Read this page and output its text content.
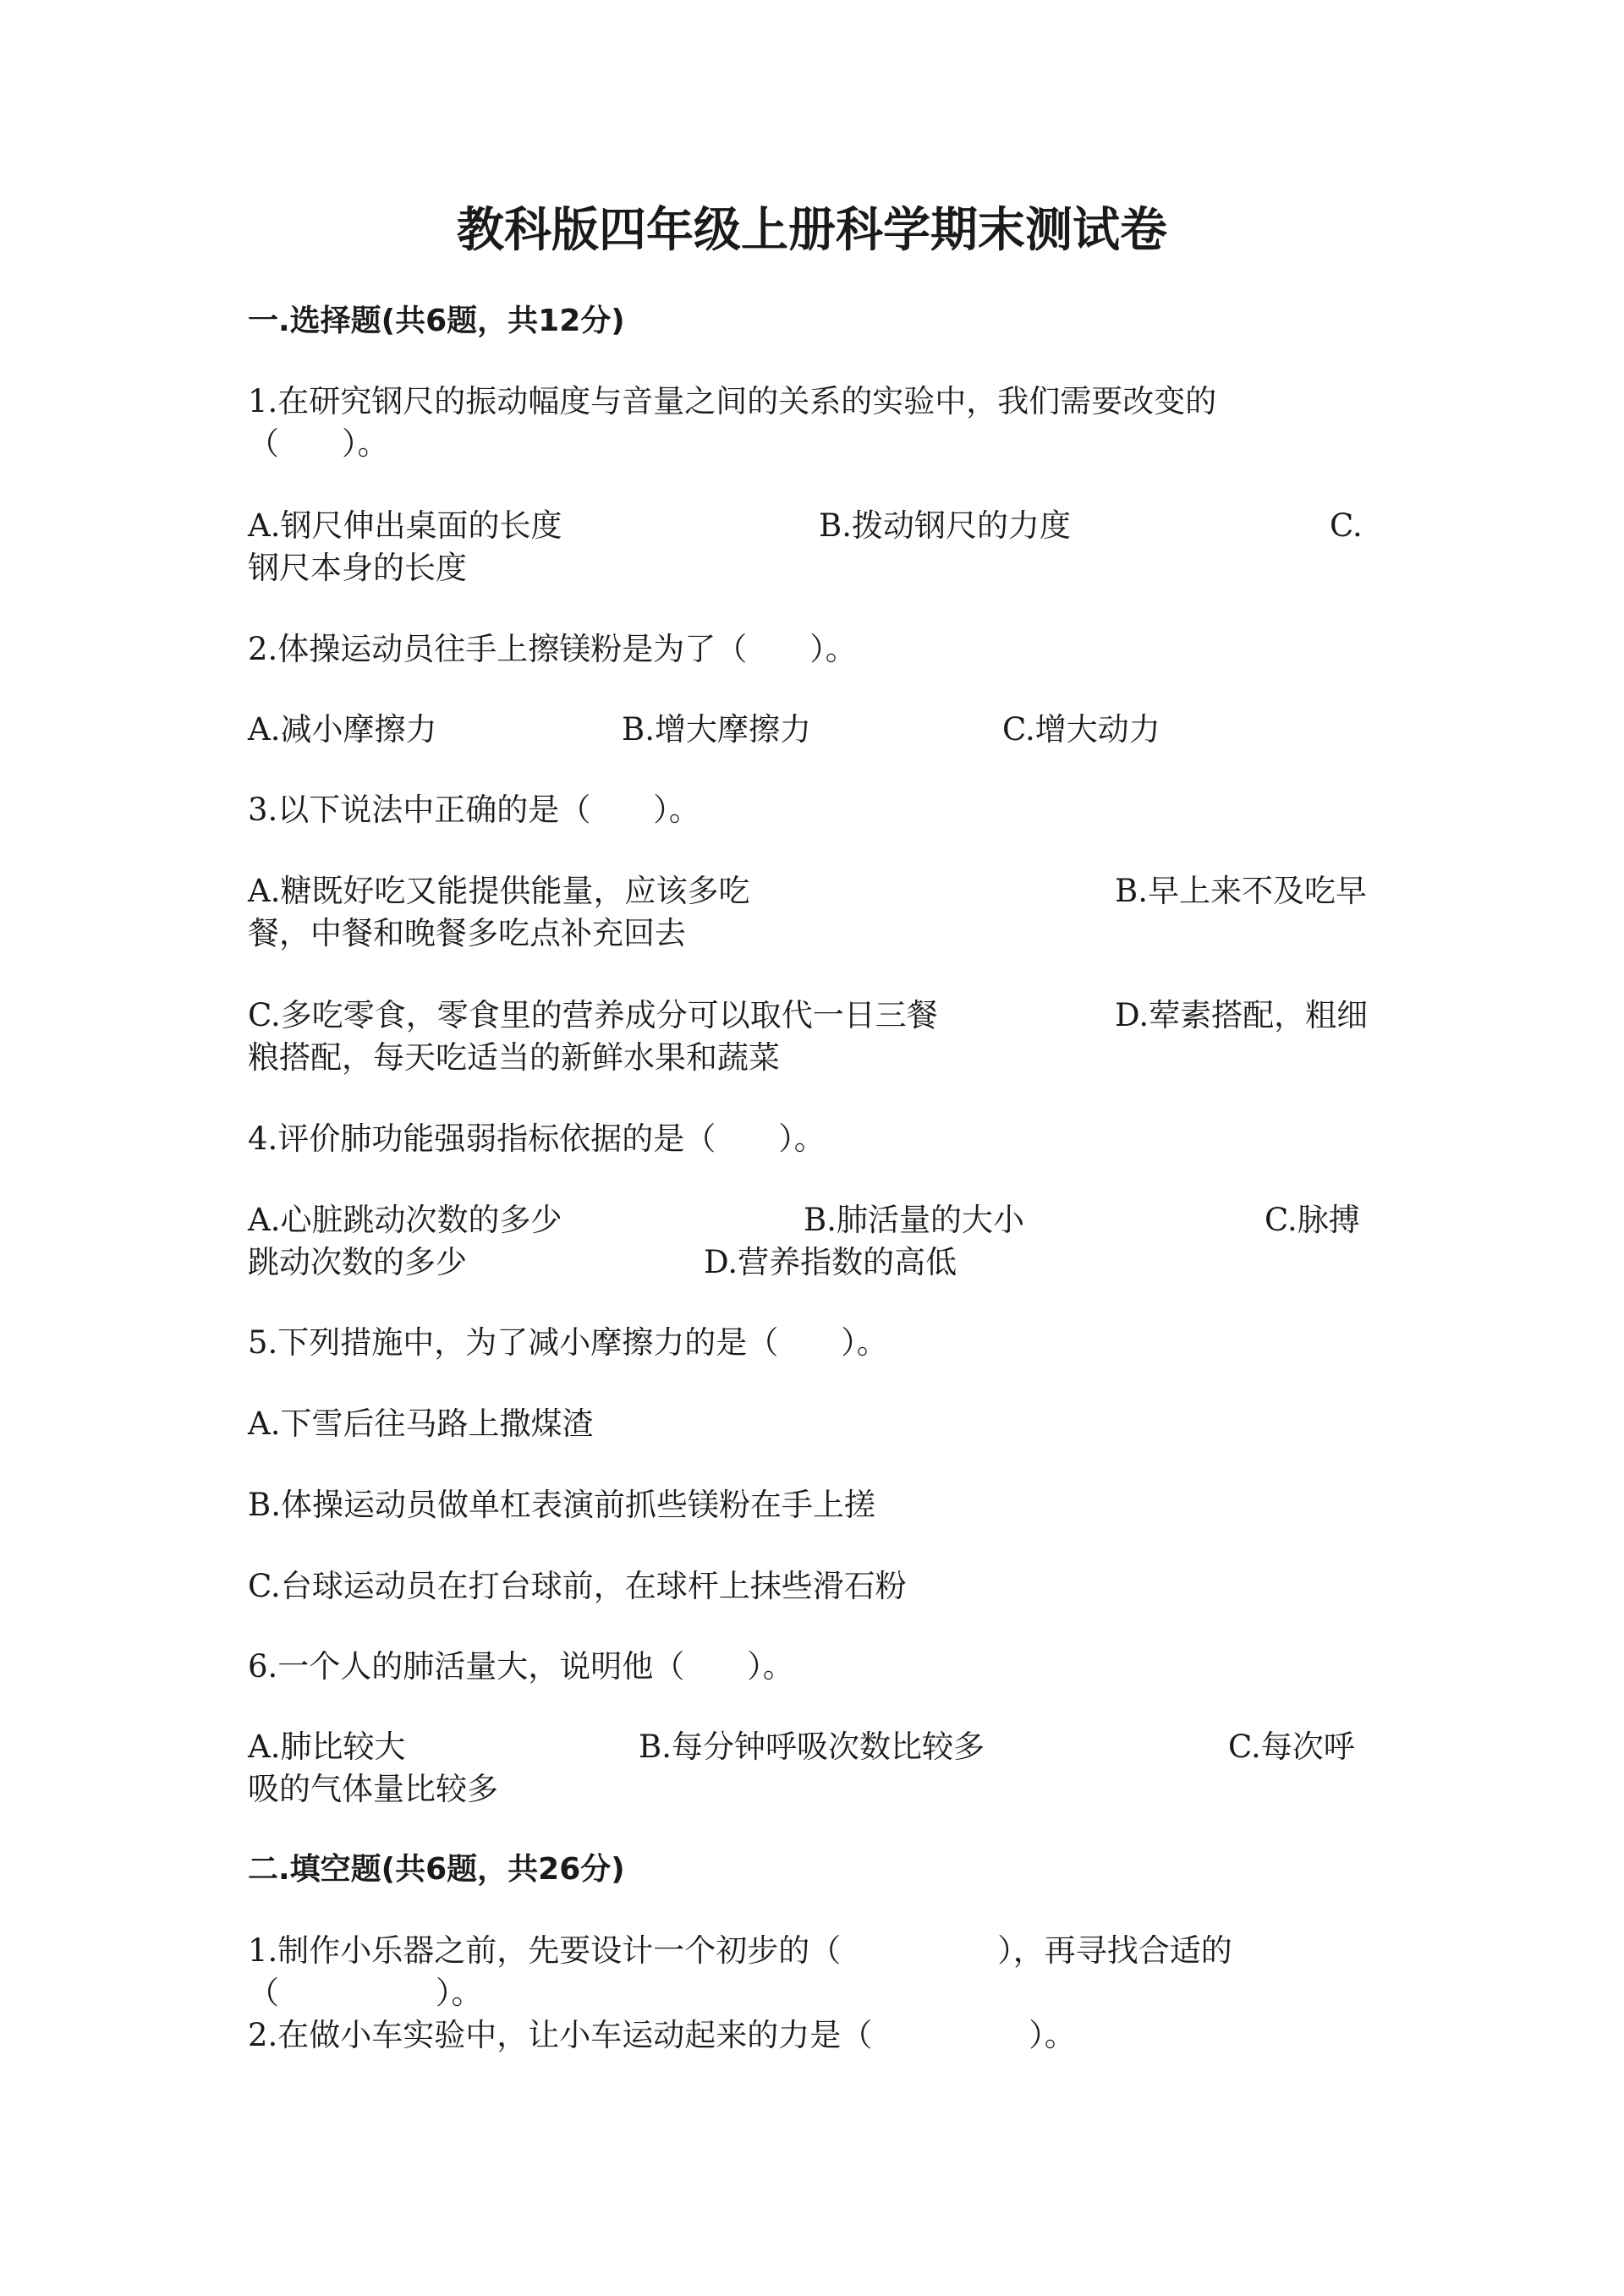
教科版四年级上册科学期末测试卷
一.选择题(共6题，共12分)
1.在研究钢尺的振动幅度与音量之间的关系的实验中，我们需要改变的
（　　）。
A.钢尺伸出桌面的长度	B.拨动钢尺的力度	C.
钢尺本身的长度
2.体操运动员往手上擦镁粉是为了（　　）。
A.减小摩擦力	B.增大摩擦力	C.增大动力
3.以下说法中正确的是（　　）。
A.糖既好吃又能提供能量，应该多吃	B.早上来不及吃早
餐，中餐和晚餐多吃点补充回去
C.多吃零食，零食里的营养成分可以取代一日三餐	D.荤素搭配，粗细
粮搭配，每天吃适当的新鲜水果和蔬菜
4.评价肺功能强弱指标依据的是（　　）。
A.心脏跳动次数的多少	B.肺活量的大小	C.脉搏
跳动次数的多少	D.营养指数的高低
5.下列措施中，为了减小摩擦力的是（　　）。
A.下雪后往马路上撒煤渣
B.体操运动员做单杠表演前抓些镁粉在手上搓
C.台球运动员在打台球前，在球杆上抹些滑石粉
6.一个人的肺活量大，说明他（　　）。
A.肺比较大	B.每分钟呼吸次数比较多	C.每次呼
吸的气体量比较多
二.填空题(共6题，共26分)
1.制作小乐器之前，先要设计一个初步的（　　　　　），再寻找合适的
（　　　　　）。
2.在做小车实验中，让小车运动起来的力是（　　　　　）。
